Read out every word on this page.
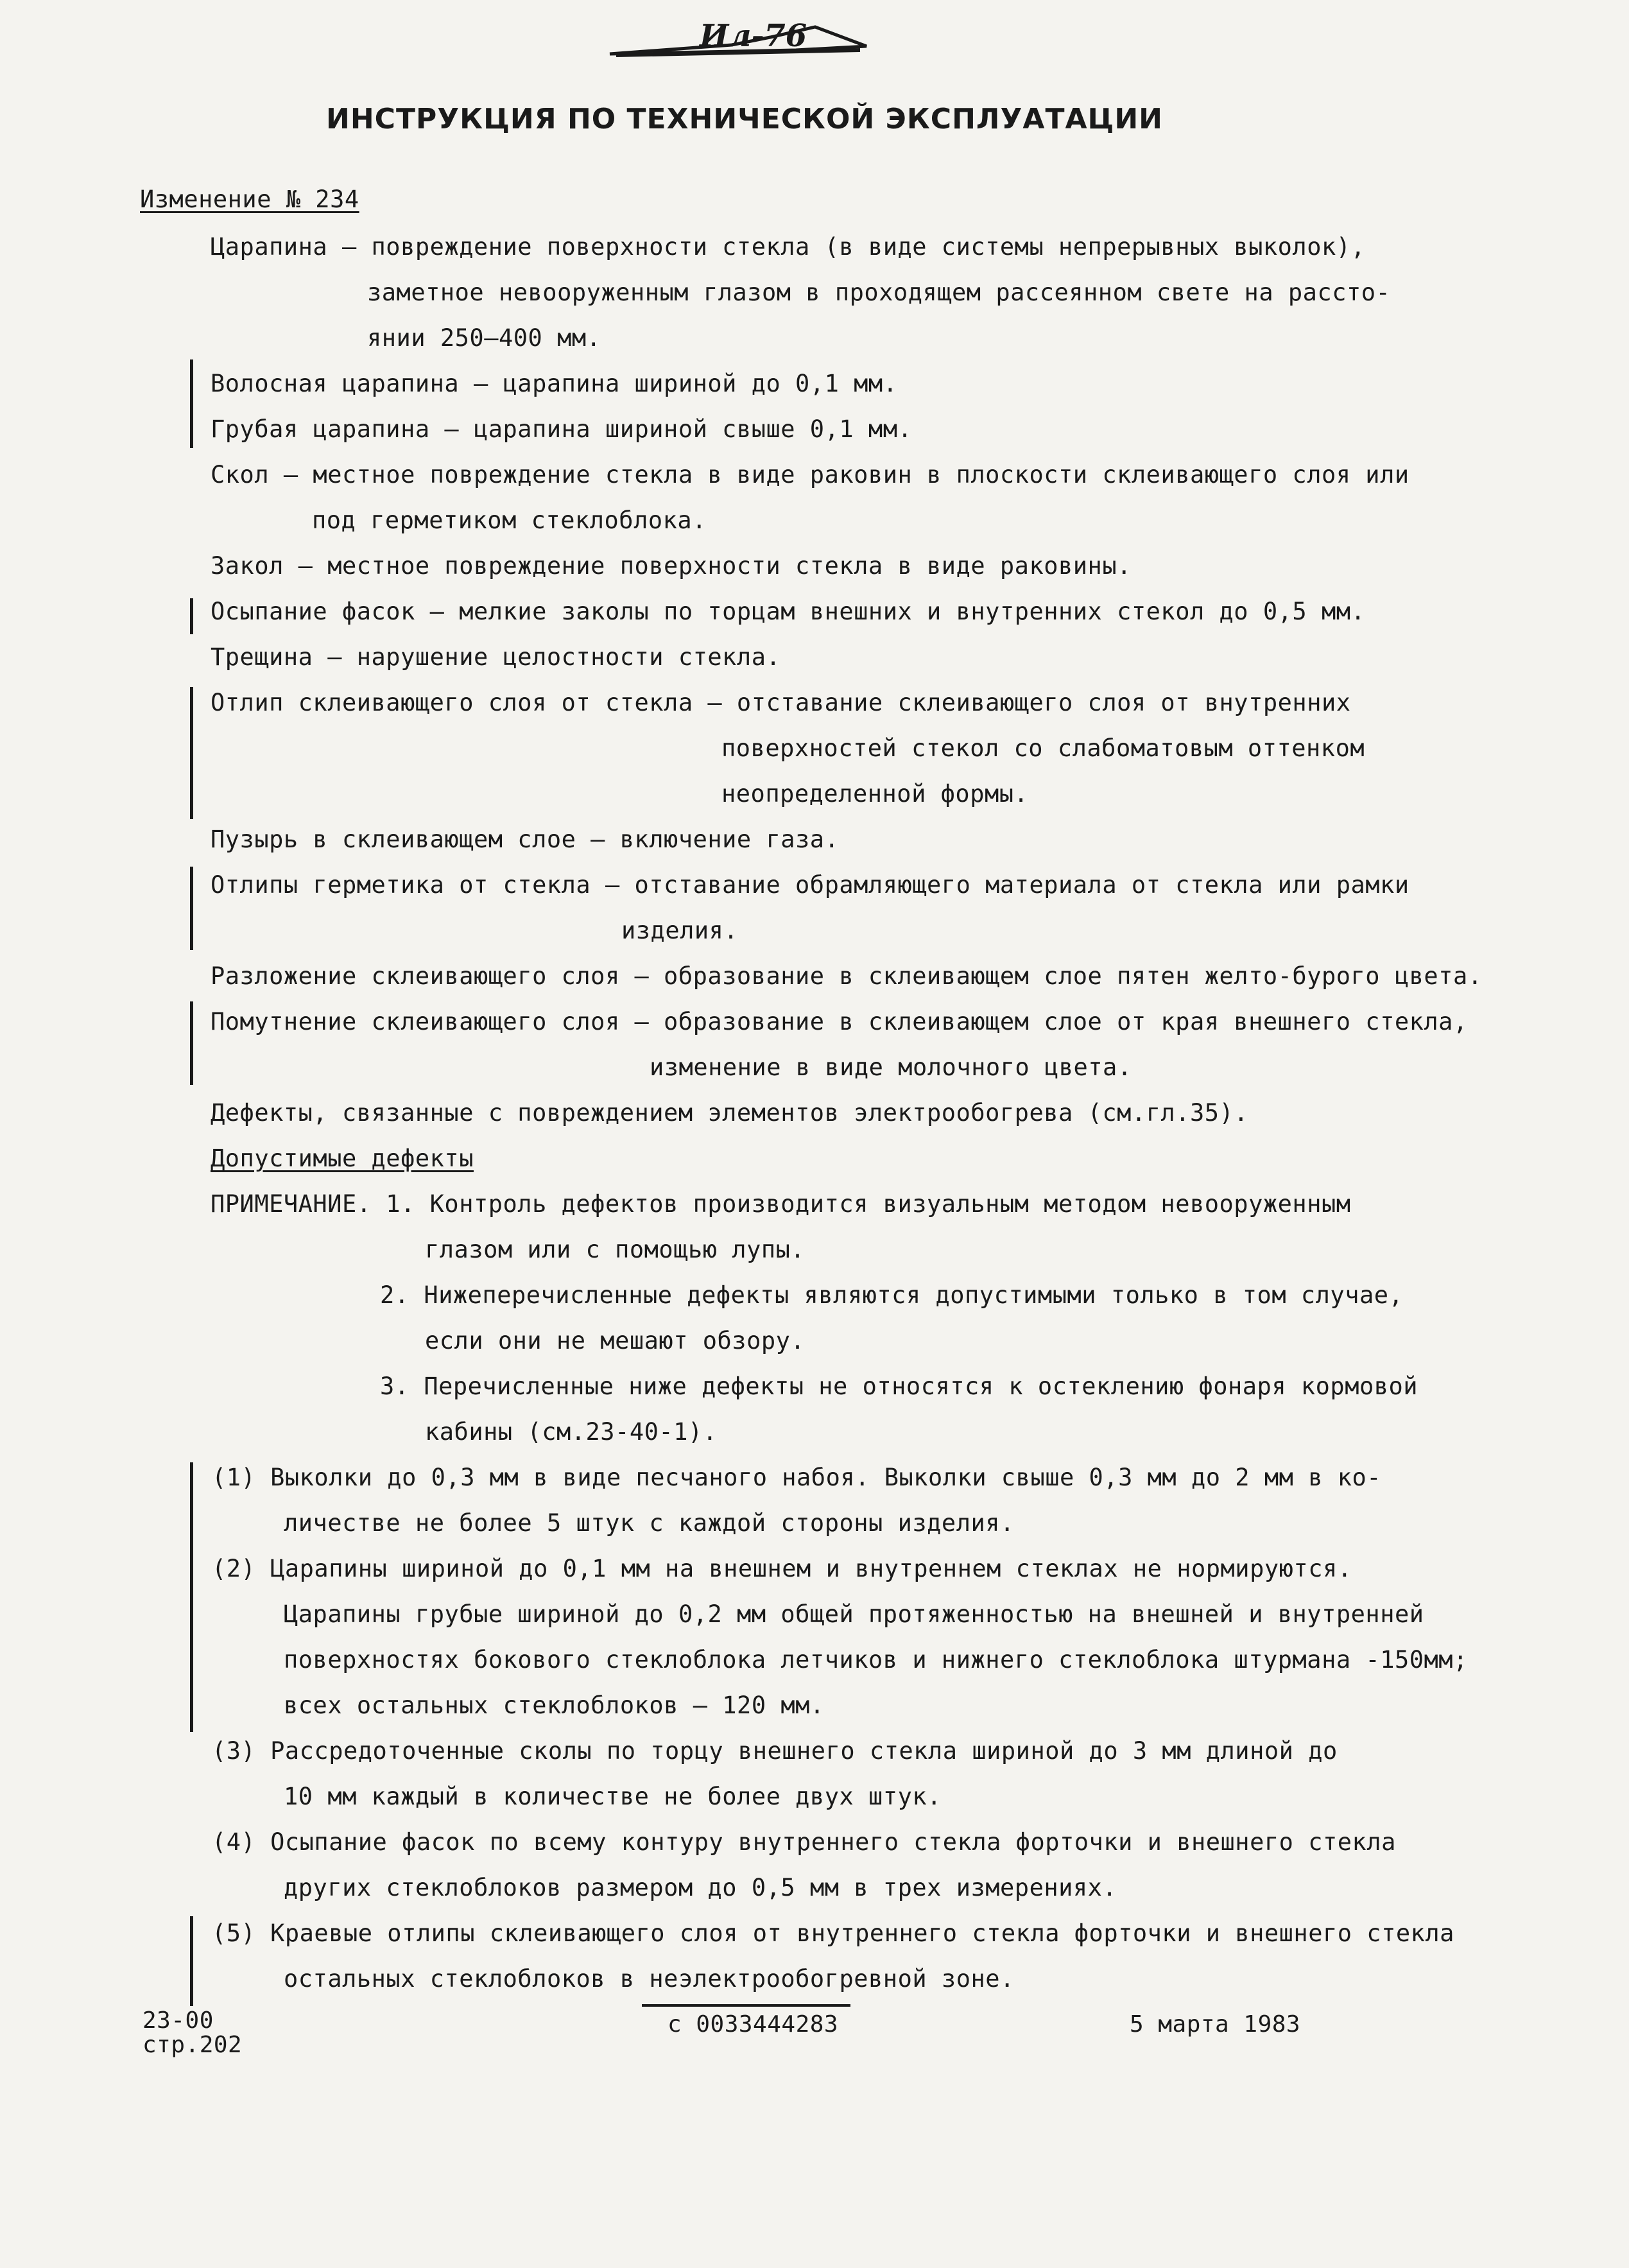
Ил-76
ИНСТРУКЦИЯ ПО ТЕХНИЧЕСКОЙ ЭКСПЛУАТАЦИИ
Изменение № 234
Царапина – повреждение поверхности стекла (в виде системы непрерывных выколок),
заметное невооруженным глазом в проходящем рассеянном свете на рассто-
янии 250–400 мм.
Волосная царапина – царапина шириной до 0,1 мм.
Грубая царапина – царапина шириной свыше 0,1 мм.
Скол – местное повреждение стекла в виде раковин в плоскости склеивающего слоя или
под герметиком стеклоблока.
Закол – местное повреждение поверхности стекла в виде раковины.
Осыпание фасок – мелкие заколы по торцам внешних и внутренних стекол до 0,5 мм.
Трещина – нарушение целостности стекла.
Отлип склеивающего слоя от стекла – отставание склеивающего слоя от внутренних
поверхностей стекол со слабоматовым оттенком
неопределенной формы.
Пузырь в склеивающем слое – включение газа.
Отлипы герметика от стекла – отставание обрамляющего материала от стекла или рамки
изделия.
Разложение склеивающего слоя – образование в склеивающем слое пятен желто-бурого цвета.
Помутнение склеивающего слоя – образование в склеивающем слое от края внешнего стекла,
изменение в виде молочного цвета.
Дефекты, связанные с повреждением элементов электрообогрева (см.гл.35).
Допустимые дефекты
ПРИМЕЧАНИЕ. 1. Контроль дефектов производится визуальным методом невооруженным
глазом или с помощью лупы.
2. Нижеперечисленные дефекты являются допустимыми только в том случае,
если они не мешают обзору.
3. Перечисленные ниже дефекты не относятся к остеклению фонаря кормовой
кабины (см.23-40-1).
(1) Выколки до 0,3 мм в виде песчаного набоя. Выколки свыше 0,3 мм до 2 мм в ко-
личестве не более 5 штук с каждой стороны изделия.
(2) Царапины шириной до 0,1 мм на внешнем и внутреннем стеклах не нормируются.
Царапины грубые шириной до 0,2 мм общей протяженностью на внешней и внутренней
поверхностях бокового стеклоблока летчиков и нижнего стеклоблока штурмана -150мм;
всех остальных стеклоблоков – 120 мм.
(3) Рассредоточенные сколы по торцу внешнего стекла шириной до 3 мм длиной до
10 мм каждый в количестве не более двух штук.
(4) Осыпание фасок по всему контуру внутреннего стекла форточки и внешнего стекла
других стеклоблоков размером до 0,5 мм в трех измерениях.
(5) Краевые отлипы склеивающего слоя от внутреннего стекла форточки и внешнего стекла
остальных стеклоблоков в неэлектрообогревной зоне.
23-00
стр.202
с 0033444283	5 марта 1983
